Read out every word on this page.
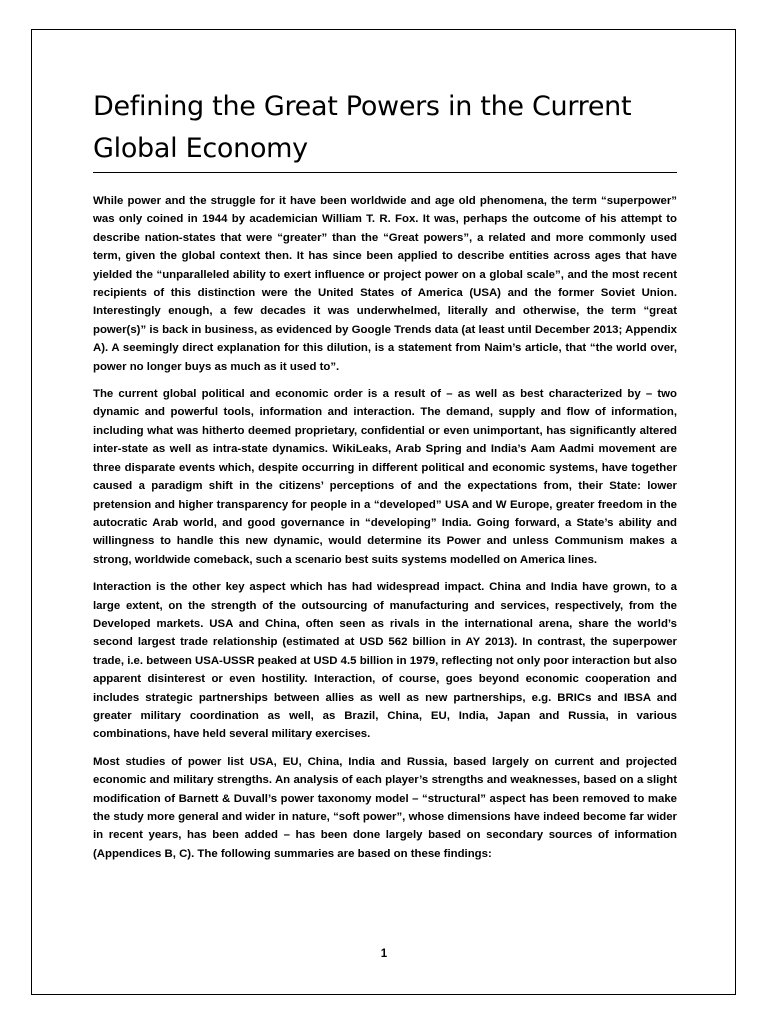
Defining the Great Powers in the Current Global Economy

While power and the struggle for it have been worldwide and age old phenomena, the term “superpower” was only coined in 1944 by academician William T. R. Fox. It was, perhaps the outcome of his attempt to describe nation-states that were “greater” than the “Great powers”, a related and more commonly used term, given the global context then. It has since been applied to describe entities across ages that have yielded the “unparalleled ability to exert influence or project power on a global scale”, and the most recent recipients of this distinction were the United States of America (USA) and the former Soviet Union. Interestingly enough, a few decades it was underwhelmed, literally and otherwise, the term “great power(s)” is back in business, as evidenced by Google Trends data (at least until December 2013; Appendix A). A seemingly direct explanation for this dilution, is a statement from Naim’s article, that “the world over, power no longer buys as much as it used to”.

The current global political and economic order is a result of – as well as best characterized by – two dynamic and powerful tools, information and interaction. The demand, supply and flow of information, including what was hitherto deemed proprietary, confidential or even unimportant, has significantly altered inter-state as well as intra-state dynamics. WikiLeaks, Arab Spring and India’s Aam Aadmi movement are three disparate events which, despite occurring in different political and economic systems, have together caused a paradigm shift in the citizens’ perceptions of and the expectations from, their State: lower pretension and higher transparency for people in a “developed” USA and W Europe, greater freedom in the autocratic Arab world, and good governance in “developing” India. Going forward, a State’s ability and willingness to handle this new dynamic, would determine its Power and unless Communism makes a strong, worldwide comeback, such a scenario best suits systems modelled on America lines.

Interaction is the other key aspect which has had widespread impact. China and India have grown, to a large extent, on the strength of the outsourcing of manufacturing and services, respectively, from the Developed markets. USA and China, often seen as rivals in the international arena, share the world’s second largest trade relationship (estimated at USD 562 billion in AY 2013). In contrast, the superpower trade, i.e. between USA-USSR peaked at USD 4.5 billion in 1979, reflecting not only poor interaction but also apparent disinterest or even hostility. Interaction, of course, goes beyond economic cooperation and includes strategic partnerships between allies as well as new partnerships, e.g. BRICs and IBSA and greater military coordination as well, as Brazil, China, EU, India, Japan and Russia, in various combinations, have held several military exercises.

Most studies of power list USA, EU, China, India and Russia, based largely on current and projected economic and military strengths. An analysis of each player’s strengths and weaknesses, based on a slight modification of Barnett & Duvall’s power taxonomy model – “structural” aspect has been removed to make the study more general and wider in nature, “soft power”, whose dimensions have indeed become far wider in recent years, has been added – has been done largely based on secondary sources of information (Appendices B, C). The following summaries are based on these findings:

1
